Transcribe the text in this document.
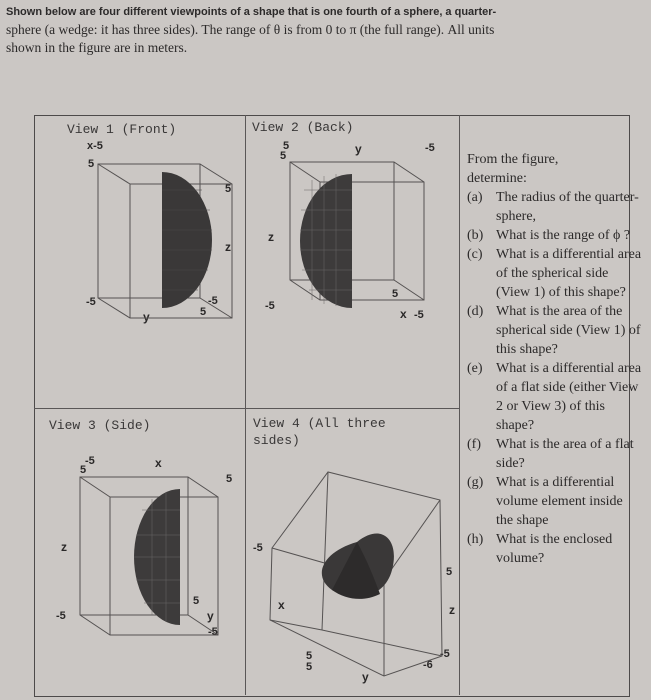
Shown below are four different viewpoints of a shape that is one fourth of a sphere, a quarter-
sphere (a wedge: it has three sides). The range of θ is from 0 to π (the full range). All units
shown in the figure are in meters.
View 1 (Front)
x-5
5
5
z
-5
y	5
-5
View 2 (Back)
5
5	y	-5
z
-5
5
x -5
View 3 (Side)
-5
5	x
5
z
-5
5
y
-5
View 4 (All three
sides)
-5
x
5
z
5
5	-6
-5
y
From the figure,
determine:
(a) The radius of the quarter-sphere,
(b) What is the range of ϕ ?
(c) What is a differential area of the spherical side (View 1) of this shape?
(d) What is the area of the spherical side (View 1) of this shape?
(e) What is a differential area of a flat side (either View 2 or View 3) of this shape?
(f) What is the area of a flat side?
(g) What is a differential volume element inside the shape
(h) What is the enclosed volume?
